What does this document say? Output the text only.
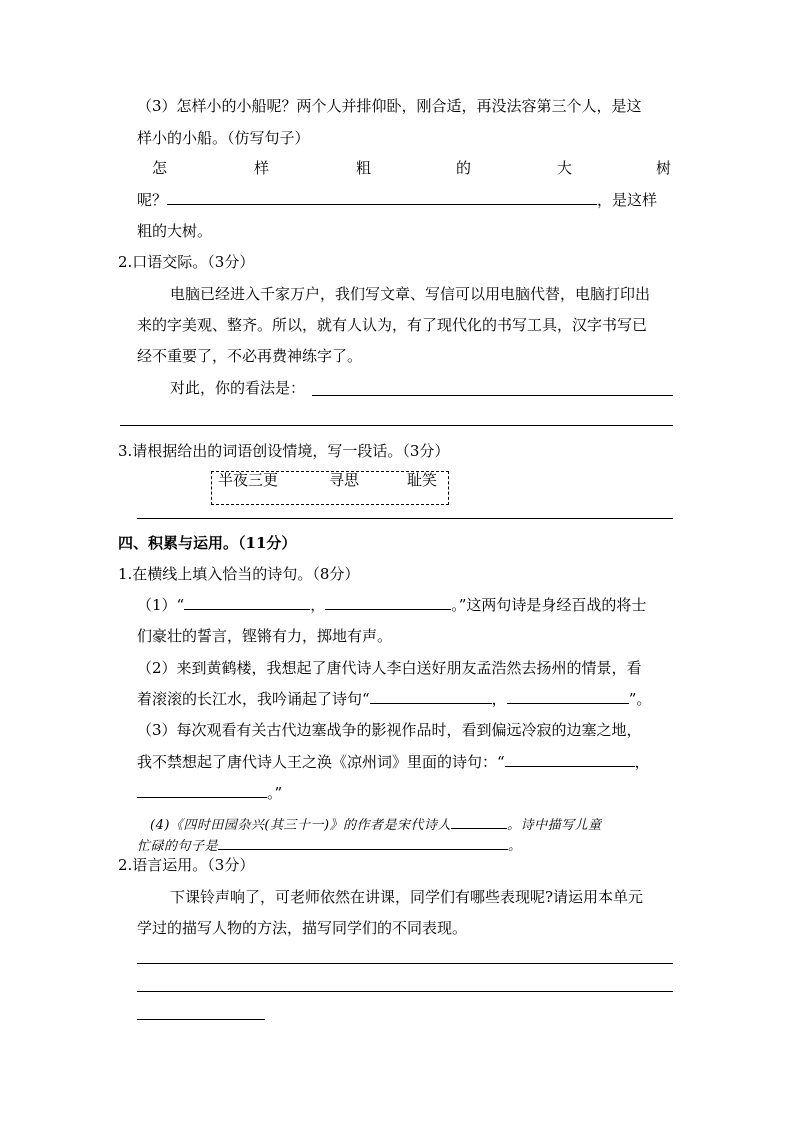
（3）怎样小的小船呢？两个人并排仰卧，刚合适，再没法容第三个人，是这
样小的小船。（仿写句子）
怎	样	粗	的	大	树
呢？	，是这样
粗的大树。
2.口语交际。（3分）
电脑已经进入千家万户，我们写文章、写信可以用电脑代替，电脑打印出
来的字美观、整齐。所以，就有人认为，有了现代化的书写工具，汉字书写已
经不重要了，不必再费神练字了。
对此，你的看法是：
3.请根据给出的词语创设情境，写一段话。（3分）
半夜三更	寻思	耻笑
四、积累与运用。（11分）
1.在横线上填入恰当的诗句。（8分）
（1）“	，	。”这两句诗是身经百战的将士
们豪壮的誓言，铿锵有力，掷地有声。
（2）来到黄鹤楼，我想起了唐代诗人李白送好朋友孟浩然去扬州的情景，看
着滚滚的长江水，我吟诵起了诗句“	，	”。
（3）每次观看有关古代边塞战争的影视作品时，看到偏远冷寂的边塞之地，
我不禁想起了唐代诗人王之涣《凉州词》里面的诗句：“	，
。”
(4)《四时田园杂兴(其三十一)》的作者是宋代诗人	。诗中描写儿童
忙碌的句子是	。
2.语言运用。（3分）
下课铃声响了，可老师依然在讲课，同学们有哪些表现呢?请运用本单元
学过的描写人物的方法，描写同学们的不同表现。
